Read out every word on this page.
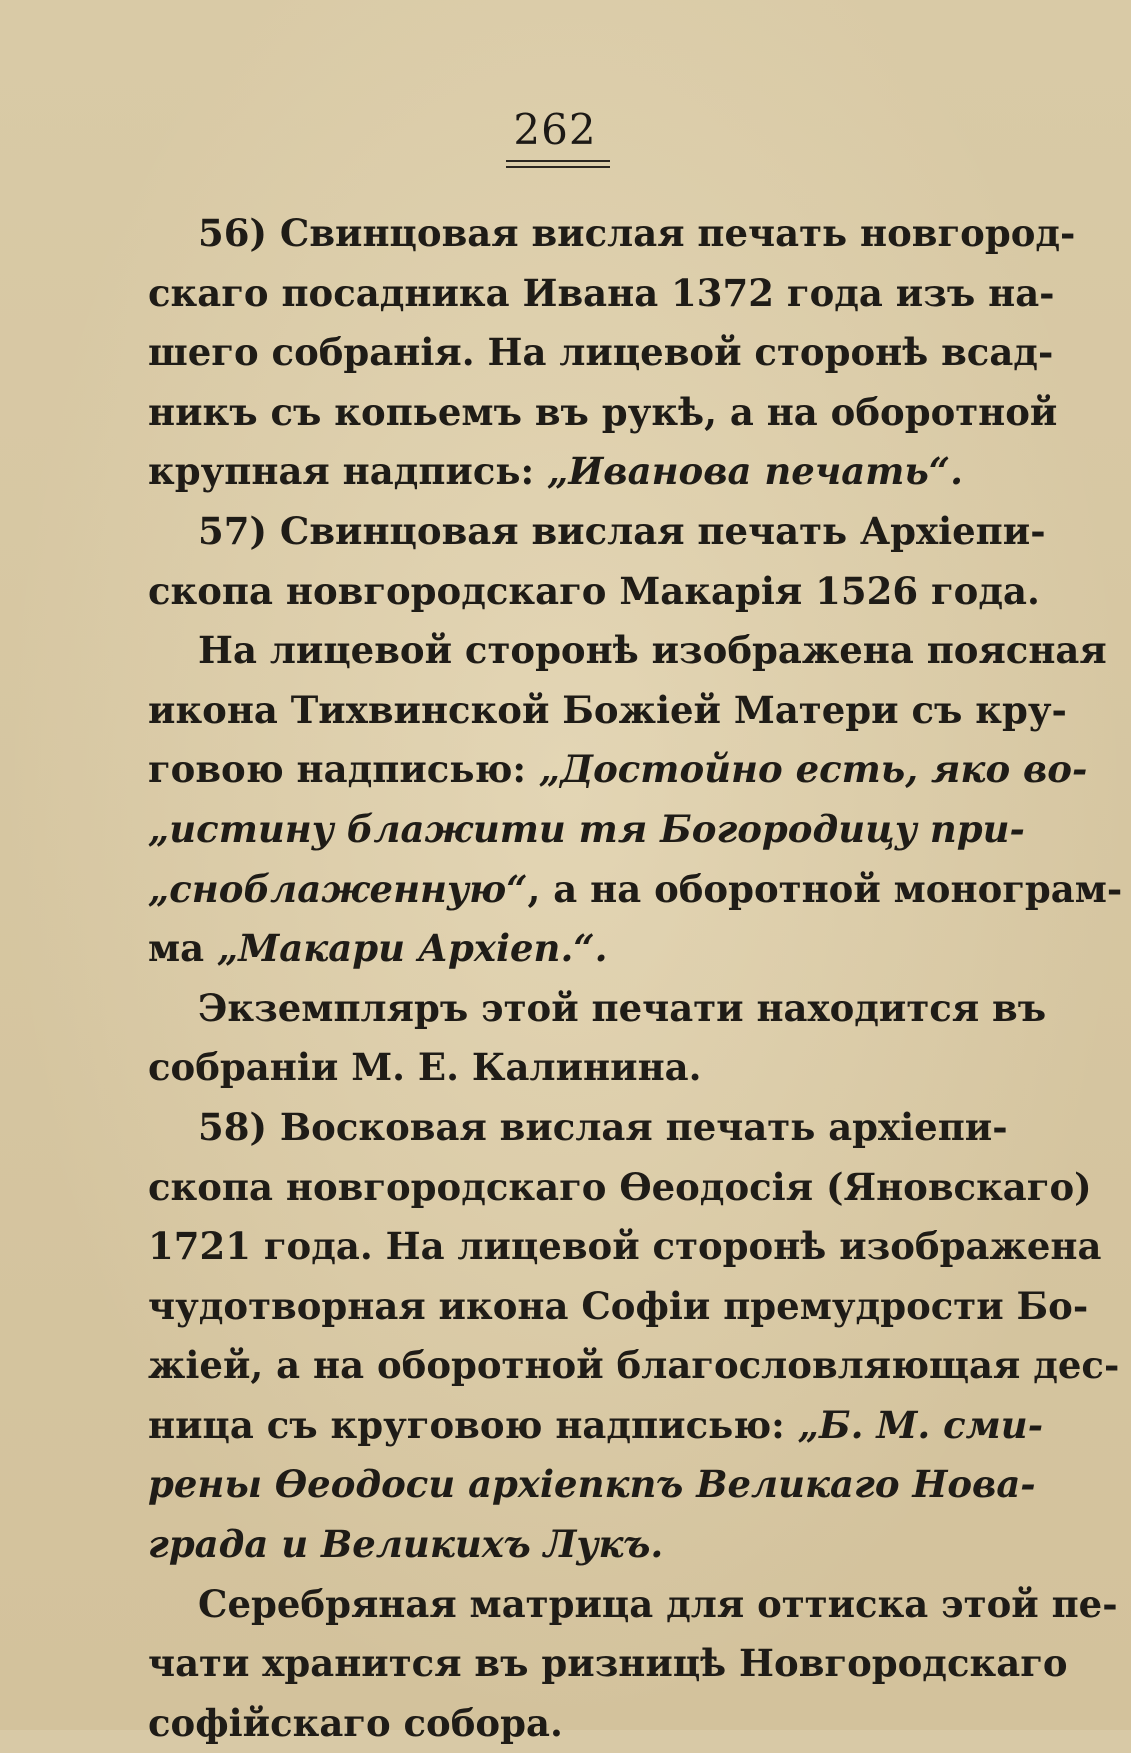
262
56) Свинцовая вислая печать новгород-
скаго посадника Ивана 1372 года изъ на-
шего собранія. На лицевой сторонѣ всад-
никъ съ копьемъ въ рукѣ, а на оборотной
крупная надпись: „Иванова печать“.
57) Свинцовая вислая печать Архіепи-
скопа новгородскаго Макарія 1526 года.
На лицевой сторонѣ изображена поясная
икона Тихвинской Божіей Матери съ кру-
говою надписью: „Достойно есть, яко во-
„истину блажити тя Богородицу при-
„снoблаженную“, а на оборотной монограм-
ма „Макари Архіеп.“.
Экземпляръ этой печати находится въ
собраніи М. Е. Калинина.
58) Восковая вислая печать архіепи-
скопа новгородскаго Ѳеодосія (Яновскаго)
1721 года. На лицевой сторонѣ изображена
чудотворная икона Софіи премудрости Бо-
жіей, а на оборотной благословляющая дес-
ница съ круговою надписью: „Б. М. сми-
рены Ѳеодоси архіепкпъ Великаго Нова-
града и Великихъ Лукъ.
Серебряная матрица для оттиска этой пе-
чати хранится въ ризницѣ Новгородскаго
софійскаго собора.
